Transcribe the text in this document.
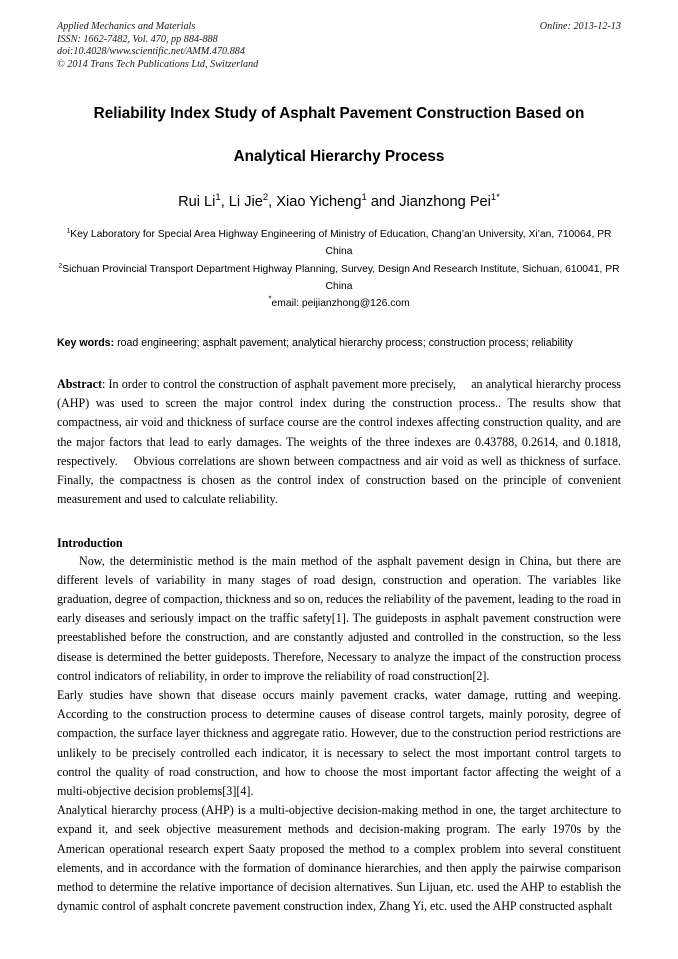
Applied Mechanics and Materials
ISSN: 1662-7482, Vol. 470, pp 884-888
doi:10.4028/www.scientific.net/AMM.470.884
© 2014 Trans Tech Publications Ltd, Switzerland
Online: 2013-12-13
Reliability Index Study of Asphalt Pavement Construction Based on
Analytical Hierarchy Process
Rui Li$^1$, Li Jie$^2$, Xiao Yicheng$^1$ and Jianzhong Pei$^{1*}$
$^1$Key Laboratory for Special Area Highway Engineering of Ministry of Education, Chang’an University, Xi’an, 710064, PR China
$^2$Sichuan Provincial Transport Department Highway Planning, Survey, Design And Research Institute, Sichuan, 610041, PR China
*email: peijianzhong@126.com
Key words: road engineering; asphalt pavement; analytical hierarchy process; construction process; reliability
Abstract: In order to control the construction of asphalt pavement more precisely,  an analytical hierarchy process (AHP) was used to screen the major control index during the construction process.. The results show that compactness, air void and thickness of surface course are the control indexes affecting construction quality, and are the major factors that lead to early damages. The weights of the three indexes are 0.43788, 0.2614, and 0.1818, respectively.  Obvious correlations are shown between compactness and air void as well as thickness of surface. Finally, the compactness is chosen as the control index of construction based on the principle of convenient measurement and used to calculate reliability.
Introduction

Now, the deterministic method is the main method of the asphalt pavement design in China, but there are different levels of variability in many stages of road design, construction and operation. The variables like graduation, degree of compaction, thickness and so on, reduces the reliability of the pavement, leading to the road in early diseases and seriously impact on the traffic safety[1]. The guideposts in asphalt pavement construction were preestablished before the construction, and are constantly adjusted and controlled in the construction, so the less disease is determined the better guideposts. Therefore, Necessary to analyze the impact of the construction process control indicators of reliability, in order to improve the reliability of road construction[2].

Early studies have shown that disease occurs mainly pavement cracks, water damage, rutting and weeping. According to the construction process to determine causes of disease control targets, mainly porosity, degree of compaction, the surface layer thickness and aggregate ratio. However, due to the construction period restrictions are unlikely to be precisely controlled each indicator, it is necessary to select the most important control targets to control the quality of road construction, and how to choose the most important factor affecting the weight of a multi-objective decision problems[3][4].

Analytical hierarchy process (AHP) is a multi-objective decision-making method in one, the target architecture to expand it, and seek objective measurement methods and decision-making program. The early 1970s by the American operational research expert Saaty proposed the method to a complex problem into several constituent elements, and in accordance with the formation of dominance hierarchies, and then apply the pairwise comparison method to determine the relative importance of decision alternatives. Sun Lijuan, etc. used the AHP to establish the dynamic control of asphalt concrete pavement construction index, Zhang Yi, etc. used the AHP constructed asphalt
